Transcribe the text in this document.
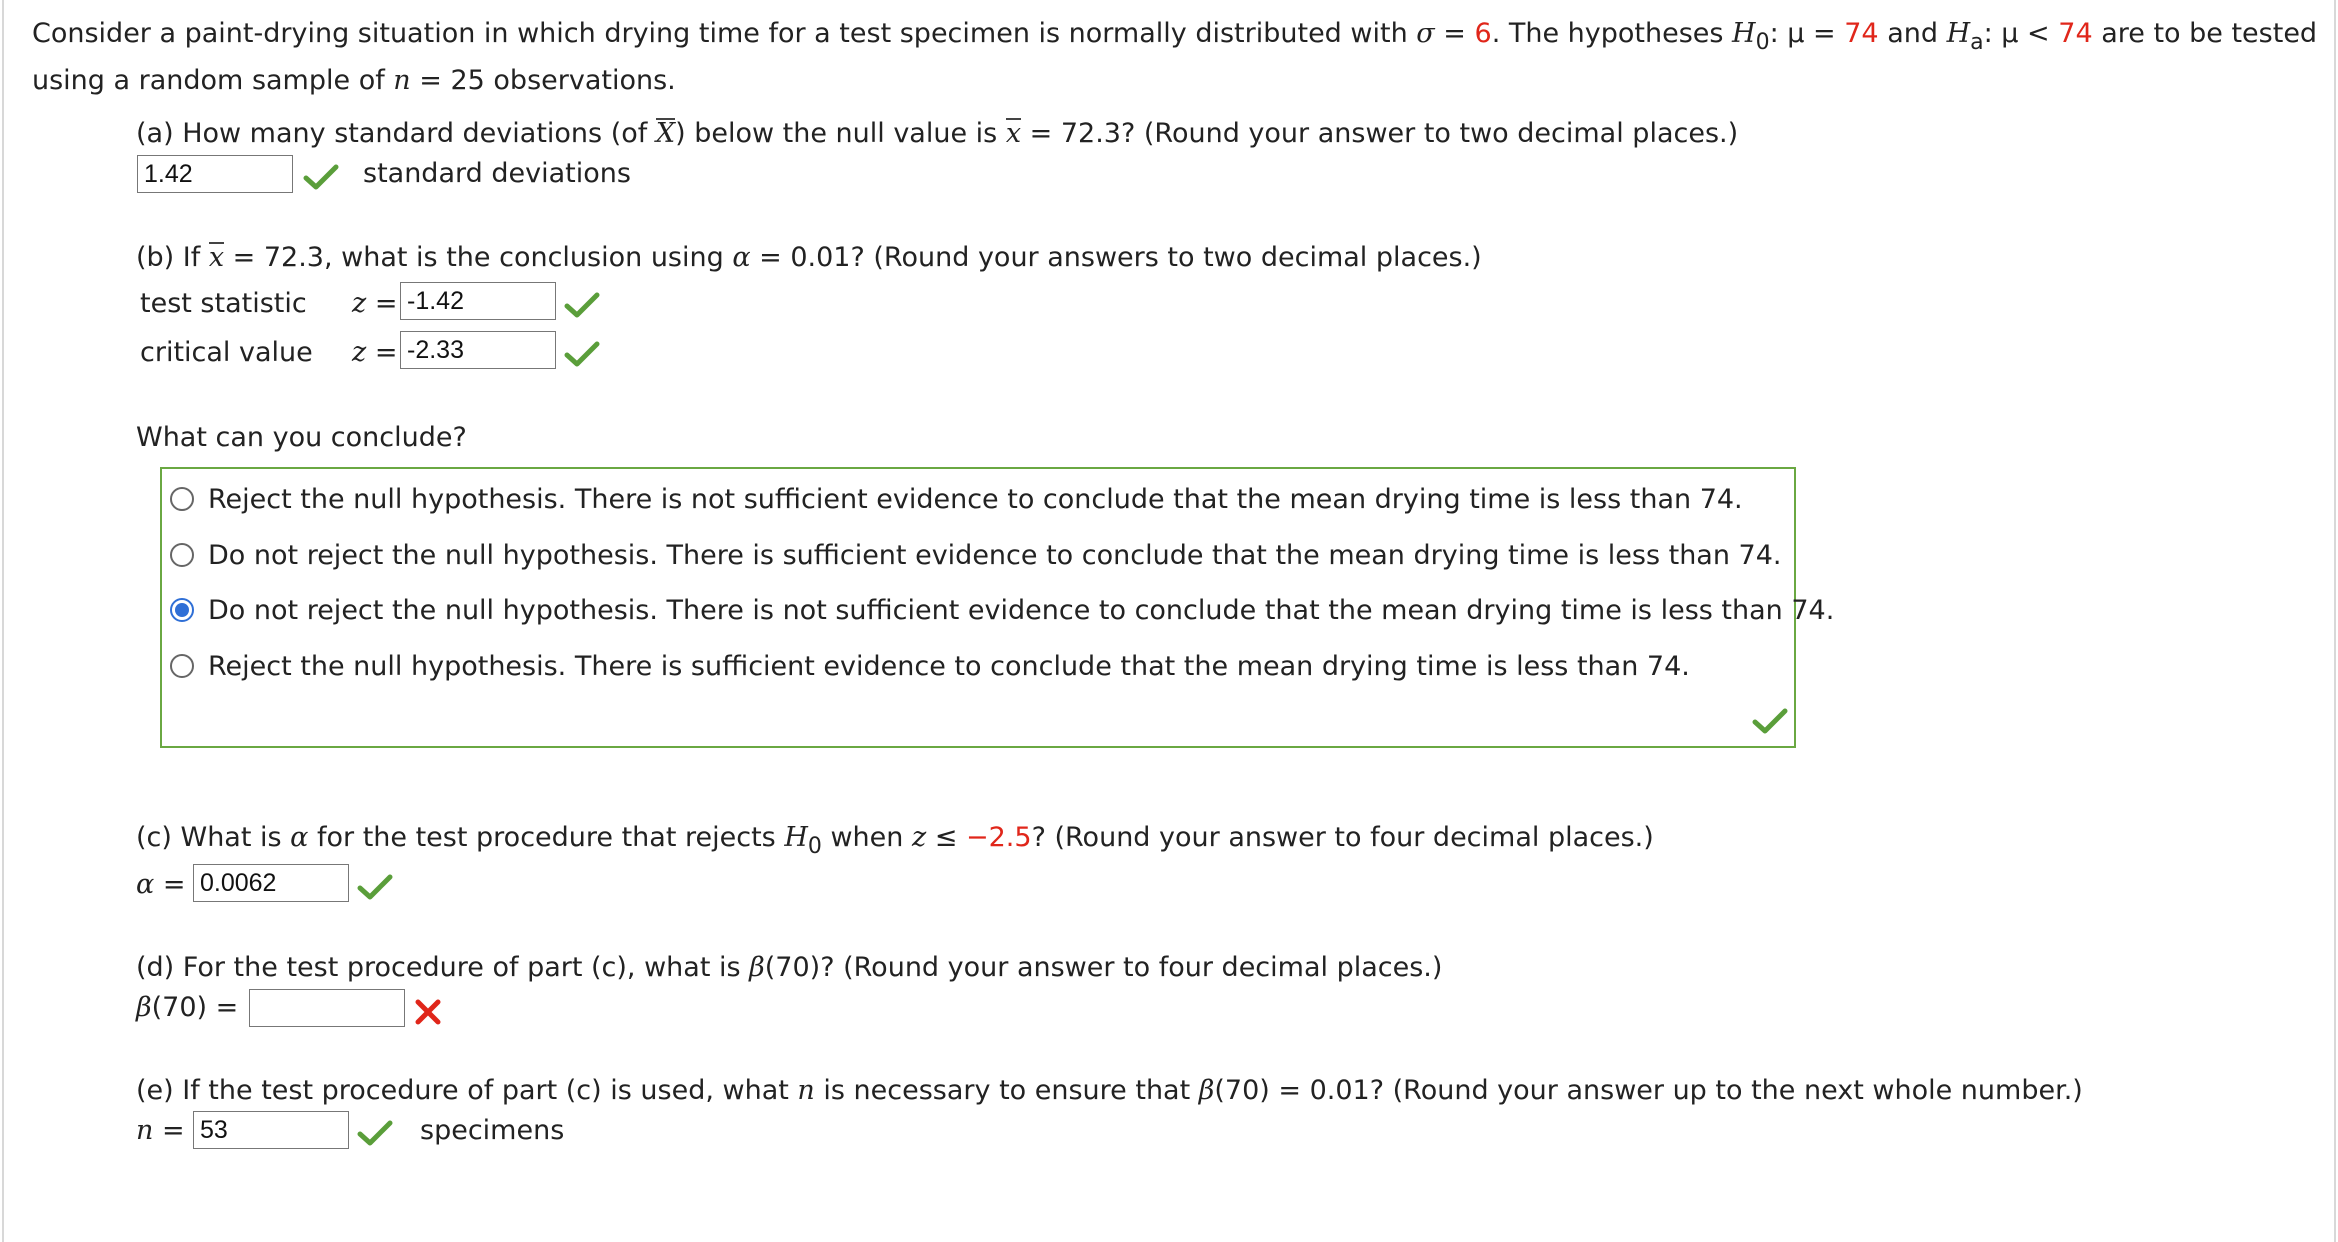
Consider a paint-drying situation in which drying time for a test specimen is normally distributed with σ = 6. The hypotheses $H_0$: μ = 74 and $H_a$: μ < 74 are to be tested
using a random sample of n = 25 observations.
(a) How many standard deviations (of X) below the null value is x = 72.3? (Round your answer to two decimal places.)
1.42
standard deviations
(b) If x = 72.3, what is the conclusion using α = 0.01? (Round your answers to two decimal places.)
test statistic z =
-1.42
critical value z =
-2.33
What can you conclude?
Reject the null hypothesis. There is not sufficient evidence to conclude that the mean drying time is less than 74.
Do not reject the null hypothesis. There is sufficient evidence to conclude that the mean drying time is less than 74.
Do not reject the null hypothesis. There is not sufficient evidence to conclude that the mean drying time is less than 74.
Reject the null hypothesis. There is sufficient evidence to conclude that the mean drying time is less than 74.
(c) What is α for the test procedure that rejects $H_0$ when z ≤ −2.5? (Round your answer to four decimal places.)
α =
0.0062
(d) For the test procedure of part (c), what is β(70)? (Round your answer to four decimal places.)
β(70) =
(e) If the test procedure of part (c) is used, what n is necessary to ensure that β(70) = 0.01? (Round your answer up to the next whole number.)
n =
53	specimens
